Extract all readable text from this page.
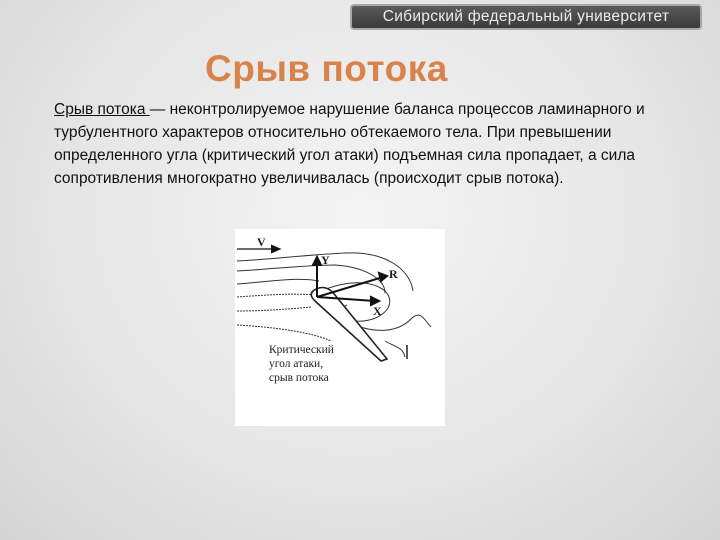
Сибирский федеральный университет
Срыв потока

Срыв потока — неконтролируемое нарушение баланса процессов ламинарного и турбулентного характеров относительно обтекаемого тела. При превышении определенного угла (критический угол атаки) подъемная сила пропадает, а сила сопротивления многократно увеличивалась (происходит срыв потока).

V
Y
R
X
Критический
угол атаки,
срыв потока
